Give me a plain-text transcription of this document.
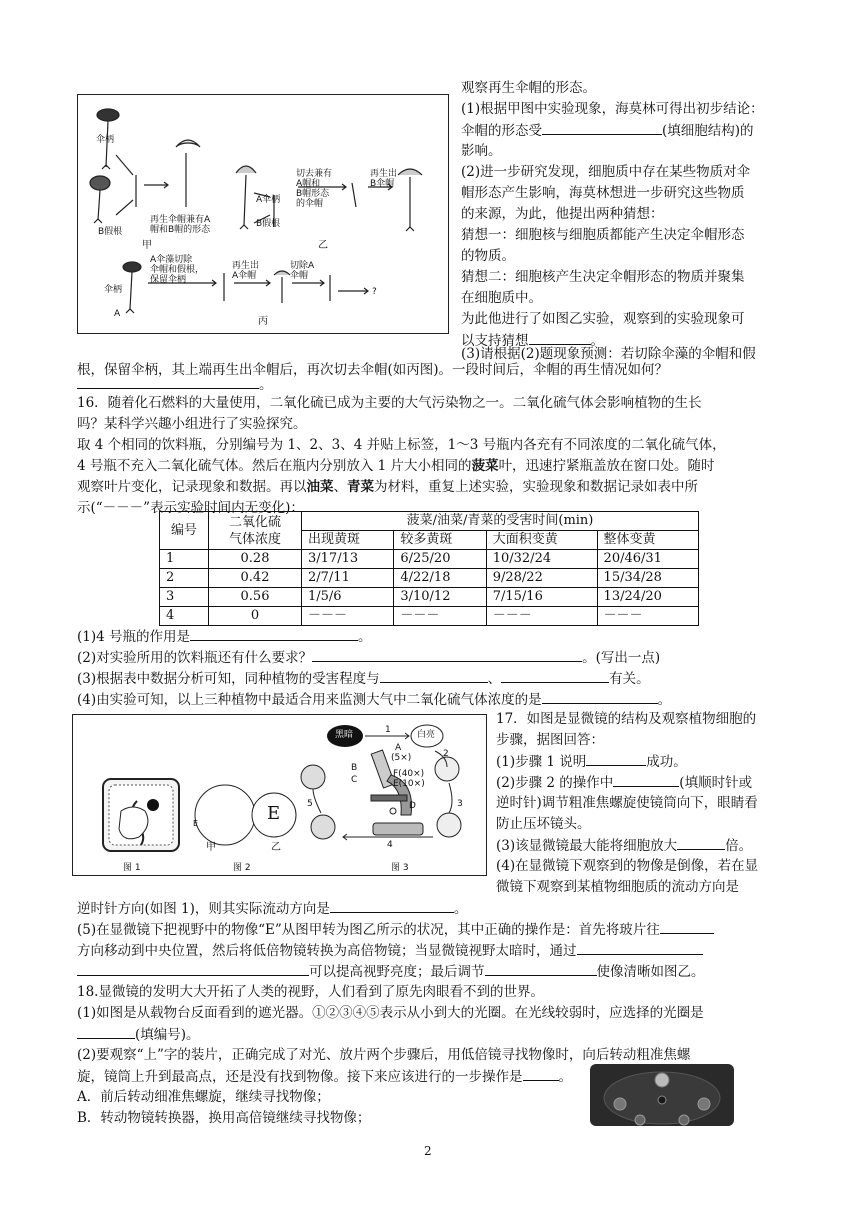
伞柄
B假根
再生伞帽兼有A
帽和B帽的形态
甲
A伞柄
B假根
切去兼有
A帽和
B帽形态
的伞帽
再生出
B伞帽
乙
伞柄
A
A伞藻切除
伞帽和假根，
保留伞柄
再生出
A伞帽
切除A
伞帽
?
丙
观察再生伞帽的形态。
(1)根据甲图中实验现象，海莫林可得出初步结论：
伞帽的形态受	(填细胞结构)的
影响。
(2)进一步研究发现，细胞质中存在某些物质对伞
帽形态产生影响，海莫林想进一步研究这些物质
的来源，为此，他提出两种猜想：
猜想一：细胞核与细胞质都能产生决定伞帽形态
的物质。
猜想二：细胞核产生决定伞帽形态的物质并聚集
在细胞质中。
为此他进行了如图乙实验，观察到的实验现象可
以支持猜想	。
(3)请根据(2)题现象预测：若切除伞藻的伞帽和假
根，保留伞柄，其上端再生出伞帽后，再次切去伞帽(如丙图)。一段时间后，伞帽的再生情况如何？
。
16．随着化石燃料的大量使用，二氧化硫已成为主要的大气污染物之一。二氧化硫气体会影响植物的生长
吗？某科学兴趣小组进行了实验探究。
取 4 个相同的饮料瓶，分别编号为 1、2、3、4 并贴上标签，1～3 号瓶内各充有不同浓度的二氧化硫气体，
4 号瓶不充入二氧化硫气体。然后在瓶内分别放入 1 片大小相同的菠菜叶，迅速拧紧瓶盖放在窗口处。随时
观察叶片变化，记录现象和数据。再以油菜、青菜为材料，重复上述实验，实验现象和数据记录如表中所
示(“－－－”表示实验时间内无变化)：
编号	二氧化硫
气体浓度	菠菜/油菜/青菜的受害时间(min)			
		出现黄斑	较多黄斑	大面积变黄	整体变黄
1	0.28	3/17/13	6/25/20	10/32/24	20/46/31
2	0.42	2/7/11	4/22/18	9/28/22	15/34/28
3	0.56	1/5/6	3/10/12	7/15/16	13/24/20
4	0	－－－	－－－	－－－	－－－
(1)4 号瓶的作用是	。
(2)对实验所用的饮料瓶还有什么要求？	。(写出一点)
(3)根据表中数据分析可知，同种植物的受害程度与	、	有关。
(4)由实验可知，以上三种植物中最适合用来监测大气中二氧化硫气体浓度的是	。
黑暗	白亮
1
2
3
4
5
A
(5×)
B
C
D
F(40×)
E(10×)
E	E
甲	乙
图 1	图 2	图 3
17．如图是显微镜的结构及观察植物细胞的
步骤，据图回答：
(1)步骤 1 说明	成功。
(2)步骤 2 的操作中	(填顺时针或
逆时针)调节粗准焦螺旋使镜筒向下，眼睛看
防止压坏镜头。
(3)该显微镜最大能将细胞放大	倍。
(4)在显微镜下观察到的物像是倒像，若在显
微镜下观察到某植物细胞质的流动方向是
逆时针方向(如图 1)，则其实际流动方向是	。
(5)在显微镜下把视野中的物像“E”从图甲转为图乙所示的状况，其中正确的操作是：首先将玻片往
方向移动到中央位置，然后将低倍物镜转换为高倍物镜；当显微镜视野太暗时，通过
可以提高视野亮度；最后调节	使像清晰如图乙。
18.显微镜的发明大大开拓了人类的视野，人们看到了原先肉眼看不到的世界。
(1)如图是从载物台反面看到的遮光器。①②③④⑤表示从小到大的光圈。在光线较弱时，应选择的光圈是
(填编号)。
(2)要观察“上”字的装片，正确完成了对光、放片两个步骤后，用低倍镜寻找物像时，向后转动粗准焦螺
旋，镜筒上升到最高点，还是没有找到物像。接下来应该进行的一步操作是	。
A．前后转动细准焦螺旋，继续寻找物像；
B．转动物镜转换器，换用高倍镜继续寻找物像；
2
